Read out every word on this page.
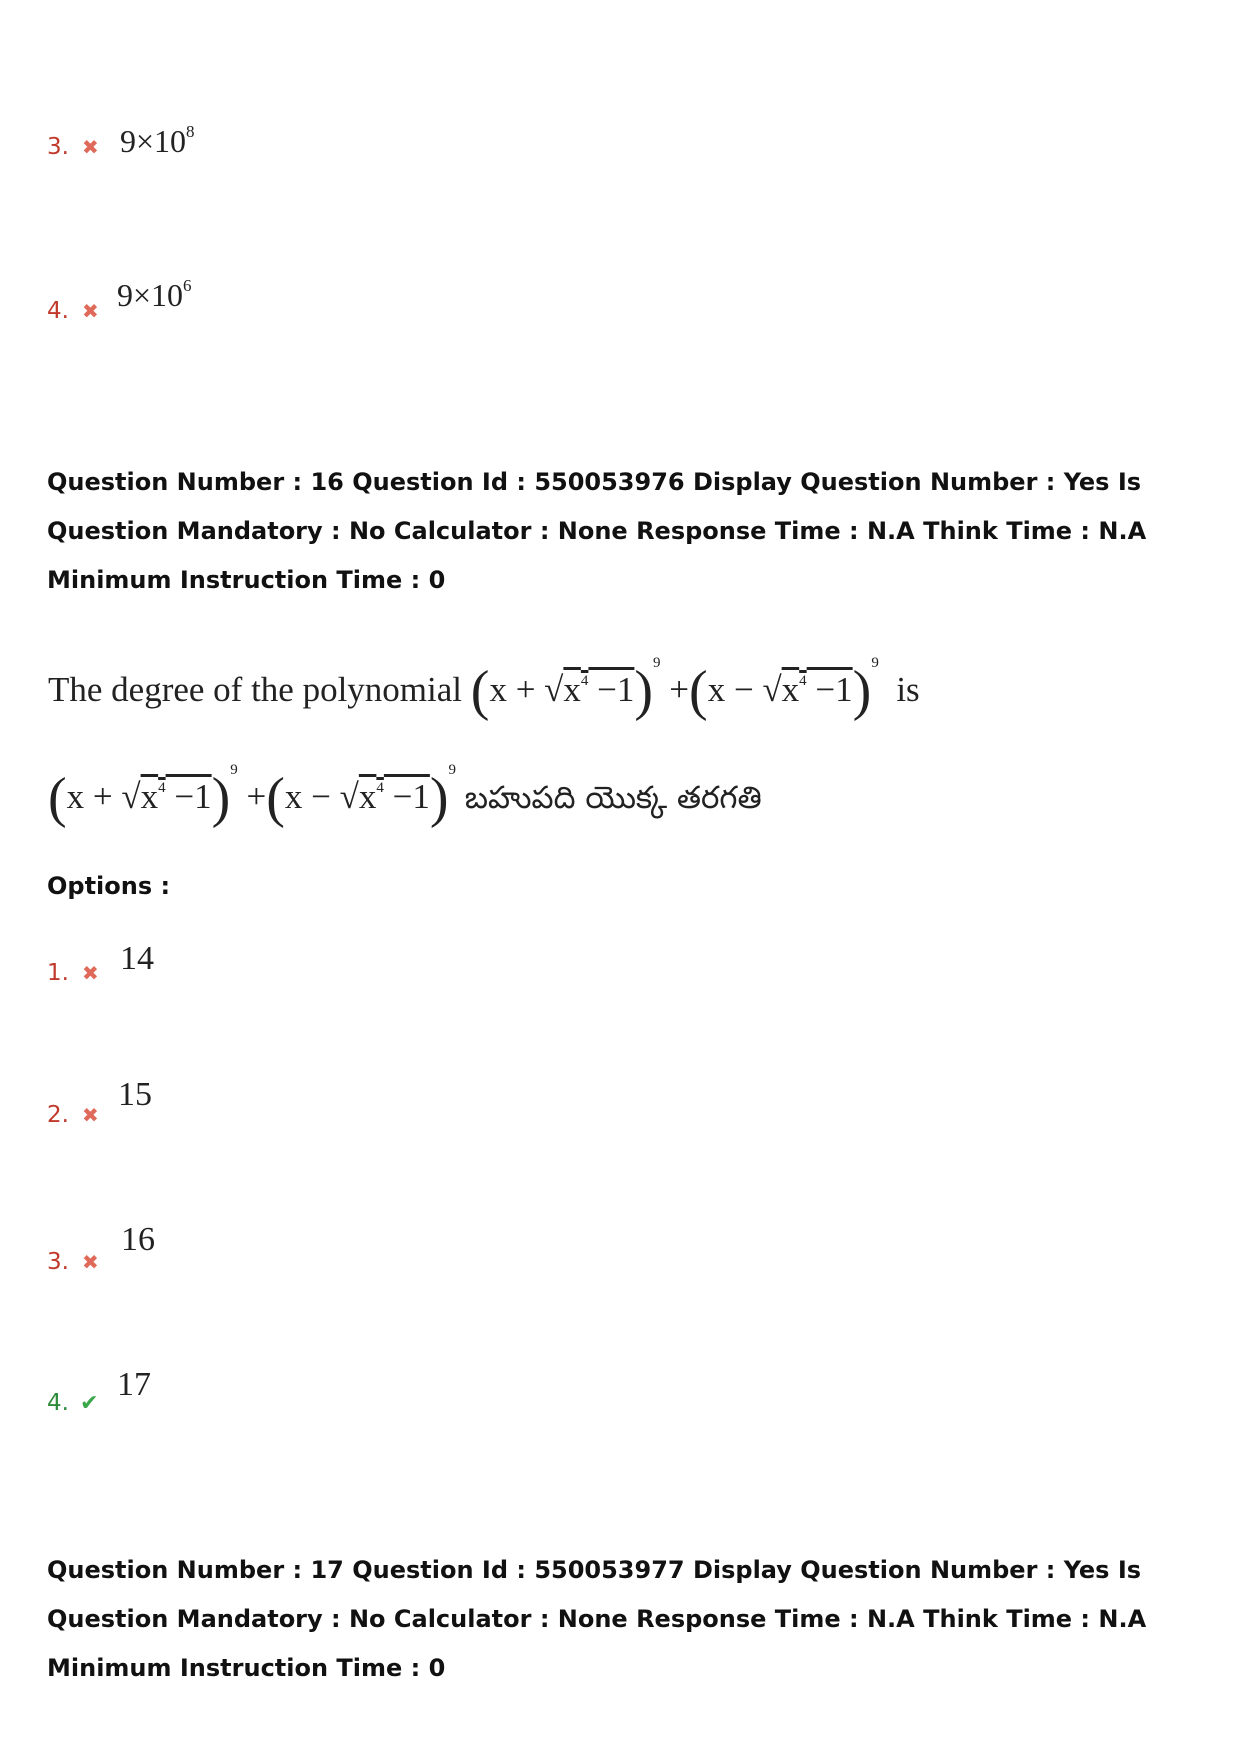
3. ✖ $9\times 10^8$
4. ✖ $9\times 10^6$
Question Number : 16 Question Id : 550053976 Display Question Number : Yes Is Question Mandatory : No Calculator : None Response Time : N.A Think Time : N.A Minimum Instruction Time : 0
The degree of the polynomial $(x + √x^4 -1)^9 +(x - √x^4 -1)^9$  is
$(x + √x^4 -1)^9 +(x - √x^4 -1)^9$ బహుపది యొక్క తరగతి
Options :
1. ✖ 14
2. ✖
15
3. ✖
16
4. ✔
17
Question Number : 17 Question Id : 550053977 Display Question Number : Yes Is Question Mandatory : No Calculator : None Response Time : N.A Think Time : N.A Minimum Instruction Time : 0
